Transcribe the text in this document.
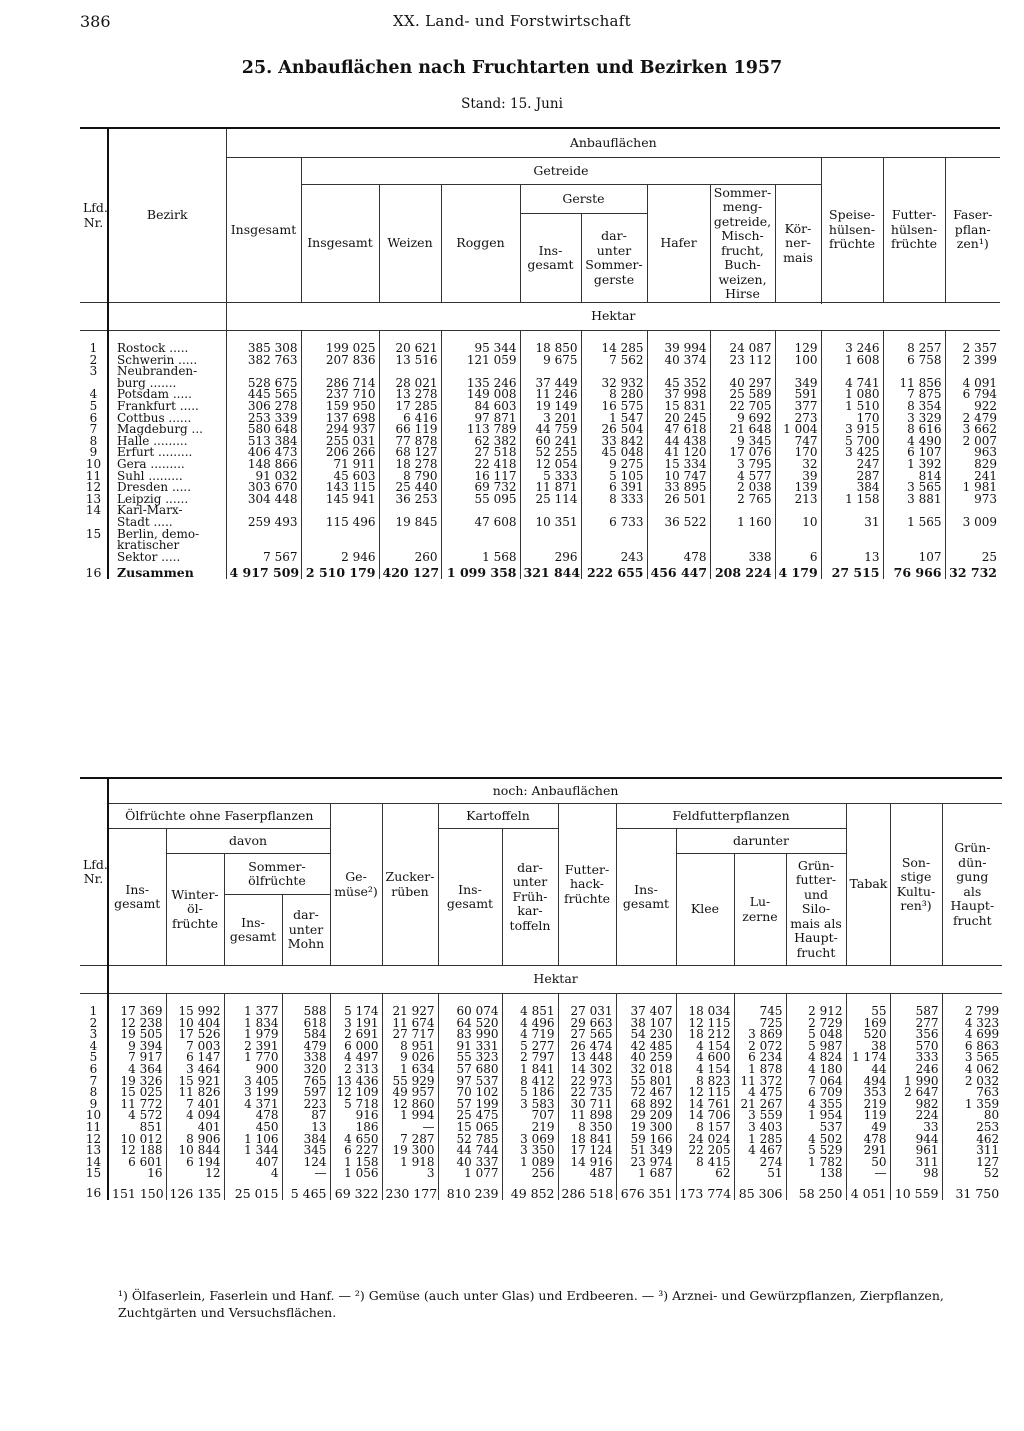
386	XX. Land- und Forstwirtschaft
25. Anbauflächen nach Fruchtarten und Bezirken 1957
Stand: 15. Juni
Lfd. Nr.	Bezirk	Anbauflächen											
		Insgesamt	Getreide								Speise- hülsen- früchte	Futter- hülsen- früchte	Faser- pflan- zen¹)
			Insgesamt	Weizen	Roggen	Gerste		Hafer	Sommer- meng- getreide, Misch- frucht, Buch- weizen, Hirse	Kör- ner- mais			
						Ins- gesamt	dar- unter Sommer- gerste						

		Hektar											
1	Rostock .....	385 308	199 025	20 621	95 344	18 850	14 285	39 994	24 087	129	3 246	8 257	2 357
2	Schwerin .....	382 763	207 836	13 516	121 059	9 675	7 562	40 374	23 112	100	1 608	6 758	2 399
3	Neubranden-												
	burg .......	528 675	286 714	28 021	135 246	37 449	32 932	45 352	40 297	349	4 741	11 856	4 091
4	Potsdam .....	445 565	237 710	13 278	149 008	11 246	8 280	37 998	25 589	591	1 080	7 875	6 794
5	Frankfurt .....	306 278	159 950	17 285	84 603	19 149	16 575	15 831	22 705	377	1 510	8 354	922
6	Cottbus ......	253 339	137 698	6 416	97 871	3 201	1 547	20 245	9 692	273	170	3 329	2 479
7	Magdeburg ...	580 648	294 937	66 119	113 789	44 759	26 504	47 618	21 648	1 004	3 915	8 616	3 662
8	Halle .........	513 384	255 031	77 878	62 382	60 241	33 842	44 438	9 345	747	5 700	4 490	2 007
9	Erfurt .........	406 473	206 266	68 127	27 518	52 255	45 048	41 120	17 076	170	3 425	6 107	963
10	Gera .........	148 866	71 911	18 278	22 418	12 054	9 275	15 334	3 795	32	247	1 392	829
11	Suhl .........	91 032	45 603	8 790	16 117	5 333	5 105	10 747	4 577	39	287	814	241
12	Dresden .....	303 670	143 115	25 440	69 732	11 871	6 391	33 895	2 038	139	384	3 565	1 981
13	Leipzig ......	304 448	145 941	36 253	55 095	25 114	8 333	26 501	2 765	213	1 158	3 881	973
14	Karl-Marx-												
	Stadt .....	259 493	115 496	19 845	47 608	10 351	6 733	36 522	1 160	10	31	1 565	3 009
15	Berlin, demo-												
	kratischer												
	Sektor .....	7 567	2 946	260	1 568	296	243	478	338	6	13	107	25
16	Zusammen	4 917 509	2 510 179	420 127	1 099 358	321 844	222 655	456 447	208 224	4 179	27 515	76 966	32 732
Lfd. Nr.	noch: Anbauflächen															
	Ölfrüchte ohne Faserpflanzen				Ge- müse²)	Zucker- rüben	Kartoffeln		Futter- hack- früchte	Feldfutterpflanzen				Tabak	Son- stige Kultu- ren³)	Grün- dün- gung als Haupt- frucht
	Ins- gesamt	davon					Ins- gesamt	dar- unter Früh- kar- toffeln		Ins- gesamt	darunter					
		Winter- öl- früchte	Sommer- ölfrüchte								Klee	Lu- zerne	Grün- futter- und Silo- mais als Haupt- frucht			
			Ins- gesamt	dar- unter Mohn												
	Hektar															
1	17 369	15 992	1 377	588	5 174	21 927	60 074	4 851	27 031	37 407	18 034	745	2 912	55	587	2 799
2	12 238	10 404	1 834	618	3 191	11 674	64 520	4 496	29 663	38 107	12 115	725	2 729	169	277	4 323
3	19 505	17 526	1 979	584	2 691	27 717	83 990	4 719	27 565	54 230	18 212	3 869	5 048	520	356	4 699
4	9 394	7 003	2 391	479	6 000	8 951	91 331	5 277	26 474	42 485	4 154	2 072	5 987	38	570	6 863
5	7 917	6 147	1 770	338	4 497	9 026	55 323	2 797	13 448	40 259	4 600	6 234	4 824	1 174	333	3 565
6	4 364	3 464	900	320	2 313	1 634	57 680	1 841	14 302	32 018	4 154	1 878	4 180	44	246	4 062
7	19 326	15 921	3 405	765	13 436	55 929	97 537	8 412	22 973	55 801	8 823	11 372	7 064	494	1 990	2 032
8	15 025	11 826	3 199	597	12 109	49 957	70 102	5 186	22 735	72 467	12 115	4 475	6 709	353	2 647	763
9	11 772	7 401	4 371	223	5 718	12 860	57 199	3 583	30 711	68 892	14 761	21 267	4 355	219	982	1 359
10	4 572	4 094	478	87	916	1 994	25 475	707	11 898	29 209	14 706	3 559	1 954	119	224	80
11	851	401	450	13	186	—	15 065	219	8 350	19 300	8 157	3 403	537	49	33	253
12	10 012	8 906	1 106	384	4 650	7 287	52 785	3 069	18 841	59 166	24 024	1 285	4 502	478	944	462
13	12 188	10 844	1 344	345	6 227	19 300	44 744	3 350	17 124	51 349	22 205	4 467	5 529	291	961	311
14	6 601	6 194	407	124	1 158	1 918	40 337	1 089	14 916	23 974	8 415	274	1 782	50	311	127
15	16	12	4	—	1 056	3	1 077	256	487	1 687	62	51	138	—	98	52
16	151 150	126 135	25 015	5 465	69 322	230 177	810 239	49 852	286 518	676 351	173 774	85 306	58 250	4 051	10 559	31 750
¹) Ölfaserlein, Faserlein und Hanf. — ²) Gemüse (auch unter Glas) und Erdbeeren. — ³) Arznei- und Gewürzpflanzen, Zierpflanzen, Zuchtgärten und Versuchsflächen.
